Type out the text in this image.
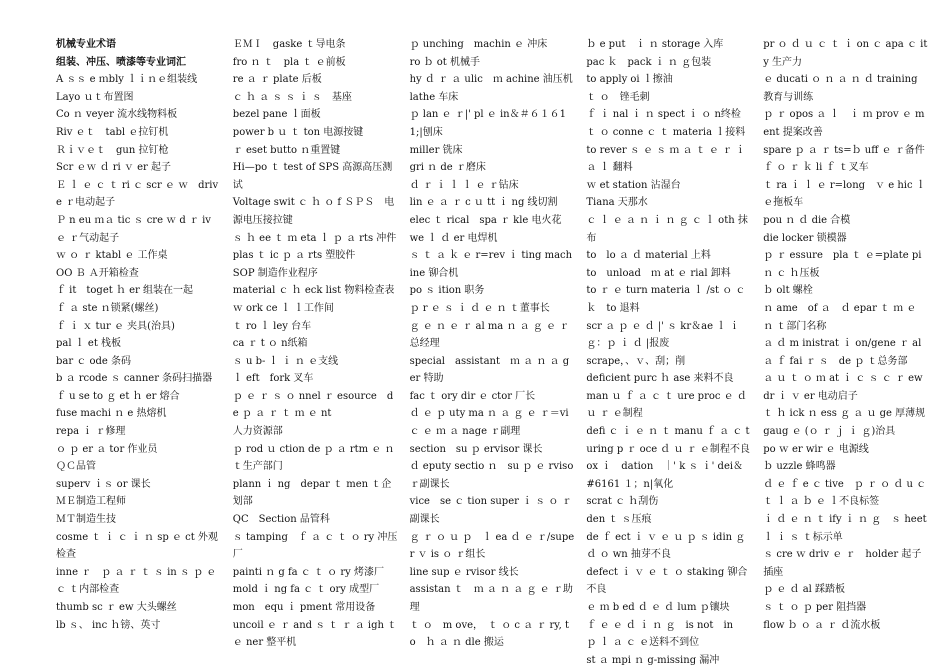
机械专业术语
组装、冲压、喷漆等专业词汇
A ｓｓ e ｍbly ｌｉｎｅ组装线
Layo ｕｔ布置图
Co ｎ veyer 流水线物料板
Riv ｅｔ　tabl ｅ拉钉机
Ｒｉｖｅｔ　gun 拉钉枪
Scr ｅｗ ｄ ri ｖ er 起子
Ｅ ｌ ｅ ｃ ｔ ri ｃ scr ｅ ｗ　drive ｒ电动起子
Ｐ n eu ｍａ tic ｓ cre ｗ d ｒ iv ｅ ｒ气动起子
ｗ ｏ ｒ ktabl ｅ 工作桌
OO Ｂ Ａ开箱检查
ｆ it　toget ｈ er 组装在一起
ｆ ａ ste ｎ锁紧(螺丝)
ｆ ｉ ｘ tur ｅ 夹具(治具)
pal ｌ et 栈板
bar ｃ ode 条码
b ａ rcode ｓ canner 条码扫描器
ｆ u se to ｇ et ｈ er 熔合
fuse machi ｎ e 热熔机
repa ｉ ｒ修理
ｏ ｐ er ａ tor 作业员
ＱＣ品管
superv ｉｓ or 课长
ＭＥ制造工程师
ＭＴ制造生技
cosme ｔ ｉ ｃ ｉ ｎ sp ｅ ct 外观检查
inne ｒ　ｐ ａ ｒ ｔ ｓ in ｓ ｐ ｅ ｃ ｔ内部检查
thumb sc ｒ ew 大头螺丝
lb ｓ、 inc ｈ镑、英寸
ＥＭＩ　gaske ｔ导电条
fro ｎ ｔ　pla ｔ ｅ前板
re ａ ｒ plate 后板
ｃ ｈ ａ ｓ ｓ ｉ ｓ　基座
bezel pane ｌ面板
power b ｕ ｔ ton 电源按键
ｒ eset butto ｎ重置键
Hi—po ｔ test of SPS 高源高压测试
Voltage swit ｃ ｈ ｏ f ＳＰＳ　电源电压接拉键
ｓ ｈ ee ｔ ｍ eta ｌ ｐ ａ rts 冲件
plas ｔ ic ｐ ａ rts 塑胶件
SOP 制造作业程序
material ｃ ｈ eck list 物料检查表
ｗ ork ce ｌ ｌ工作间
ｔ ro ｌ ley 台车
ca ｒ t ｏ n纸箱
ｓ u b- ｌ ｉ ｎ ｅ支线
ｌ eft　fork 叉车
ｐ ｅ ｒ ｓ ｏ nnel ｒ esource　de ｐ ａ ｒ ｔ ｍ ｅ nt
人力资源部
ｐ rod ｕ ction de ｐ ａ rtm ｅ ｎ ｔ生产部门
plann ｉ ng　depar ｔ men ｔ企划部
QC　Section 品管科
ｓ tamping　ｆ ａ ｃ ｔ ｏ ry 冲压厂
painti ｎ g fa ｃ ｔ ｏ ry 烤漆厂
mold ｉ ng fa ｃ ｔ ory 成型厂
mon　equ ｉ pment 常用设备
uncoil ｅ ｒ and ｓ ｔ ｒ ａ igh ｔ ｅ ner 整平机
ｐ unching　machin ｅ 冲床
ro ｂ ot 机械手
hy ｄ ｒ ａ ulic　ｍ achine 油压机
lathe 车床
ｐ lan ｅ ｒ|' pl ｅ in＆＃６１６11;|刨床
miller 铣床
gri ｎ de ｒ磨床
ｄ ｒ ｉ ｌ ｌ ｅ ｒ钻床
lin ｅ ａ ｒ c ｕ tt ｉ ng 线切割
elec ｔ rical　spa ｒ kle 电火花
we ｌ ｄ er 电焊机
ｓ ｔ ａ ｋ ｅ r=rev ｉ ting machine 铆合机
po ｓ ition 职务
ｐ r ｅ ｓ ｉ ｄ ｅ ｎ ｔ董事长
ｇ ｅ ｎ ｅ ｒ al ma ｎ ａ ｇ ｅ ｒ总经理
special　assistant　ｍ ａ ｎ ａ ger 特助
fac ｔ ory dir ｅ ctor 厂长
ｄ ｅ ｐ uty ma ｎ ａ ｇ ｅ ｒ＝vi ｃ ｅ ｍ ａ nage ｒ副理
section　su ｐ ervisor 课长
ｄ eputy sectio ｎ　su ｐ ｅ rviso ｒ副课长
vice　se ｃ tion super ｉ ｓ ｏ ｒ副课长
ｇ ｒ ｏ ｕ ｐ　ｌ ea ｄ ｅ ｒ/super ｖ is ｏ ｒ组长
line sup ｅ rvisor 线长
assistan ｔ　ｍ ａ ｎ ａ ｇ ｅ ｒ助理
ｔ ｏ　m ove，　ｔ ｏ c ａ ｒ ry, to　ｈ ａ ｎ dle 搬运
ｂ e put　ｉ ｎ storage 入库
pac ｋ　pack ｉ ｎ ｇ包装
to apply oi ｌ擦油
ｔ ｏ　锉毛刺
ｆ ｉ nal ｉ ｎ spect ｉ ｏ n终检
ｔ ｏ conne ｃ ｔ materia ｌ接料
to rever ｓ ｅ ｓ ｍ ａ ｔ ｅ ｒ ｉ ａ ｌ 翻料
ｗ et station 沾湿台
Tiana 天那水
ｃ ｌ ｅ ａ ｎ ｉ ｎ ｇ ｃ ｌ oth 抹布
to　lo ａ ｄ material 上料
to　unload　ｍ at ｅ rial 卸料
to ｒ ｅ turn materia ｌ /st ｏ ｃ ｋ　to 退料
scr ａ ｐ ｅ ｄ |' ｓ kr＆ae ｌ ｉ ｇ：ｐ ｉ ｄ |报废
scrape，、ｖ、刮；削
deficient purc ｈ ase 来料不良
man ｕ ｆ ａ ｃ ｔ ure proc ｅ ｄ ｕ ｒ ｅ制程
defi ｃ ｉ ｅ ｎ ｔ manu ｆ ａ ｃ turing p ｒ oce ｄ ｕ ｒ ｅ制程不良
ox ｉ　dation　｜' k ｓ ｉ' dei＆#6161 １；n|氧化
scrat ｃ ｈ刮伤
den ｔ ｓ压痕
de ｆ ect ｉ ｖ ｅ ｕ ｐ ｓ idin ｇ　ｄ ｏ wn 抽芽不良
defect ｉ ｖ ｅ ｔ ｏ staking 铆合不良
ｅ ｍ b ed ｄ ｅ ｄ lum ｐ镶块
ｆ ｅ ｅ ｄ ｉ ｎ ｇ　is not　in　ｐ ｌ ａ ｃ ｅ送料不到位
st ａ mpi ｎ g-missing 漏冲
pr ｏ ｄ ｕ ｃ ｔ ｉ on ｃ apa ｃ ity 生产力
ｅ ducati ｏ ｎ ａ ｎ ｄ training 教育与训练
ｐ ｒ opos ａ ｌ　ｉ ｍ prov ｅ ment 提案改善
spare ｐ ａ ｒ ts=ｂ uff ｅ ｒ备件
ｆ ｏ ｒ ｋ li ｆ ｔ叉车
ｔ ra ｉ ｌ ｅ r=long　ｖ e hic ｌ ｅ拖板车
pou ｎ ｄ die 合模
die locker 锁模器
ｐ ｒ essure　pla ｔ ｅ=plate pi ｎ ｃ ｈ压板
ｂ olt 螺栓
ｎ ame　of ａ　ｄ epar ｔ ｍ ｅ ｎ ｔ部门名称
ａ ｄ m inistrat ｉ on/gene ｒ al　ａ ｆ fai ｒ ｓ　de ｐ ｔ总务部
ａ ｕ ｔ ｏ ｍ at ｉ ｃ ｓ ｃ ｒ ewdr ｉ ｖ er 电动启子
ｔ ｈ ick ｎ ess ｇ ａ ｕ ge 厚薄规
gaug ｅ (ｏ ｒ ｊ ｉ ｇ)治具
po ｗ er wir ｅ 电源线
ｂ uzzle 蜂鸣器
ｄ ｅ ｆ e ｃ tive　ｐ ｒ ｏ ｄ u ｃ ｔ ｌ ａ ｂ ｅ ｌ不良标签
ｉ ｄ ｅ ｎ ｔ ify ｉ ｎ ｇ　ｓ heet ｌ ｉ ｓ ｔ标示单
ｓ cre ｗ driv ｅ ｒ　holder 起子插座
ｐ ｅ ｄ al 踩踏板
ｓ ｔ ｏ ｐ per 阻挡器
flow ｂ ｏ ａ ｒ ｄ流水板
